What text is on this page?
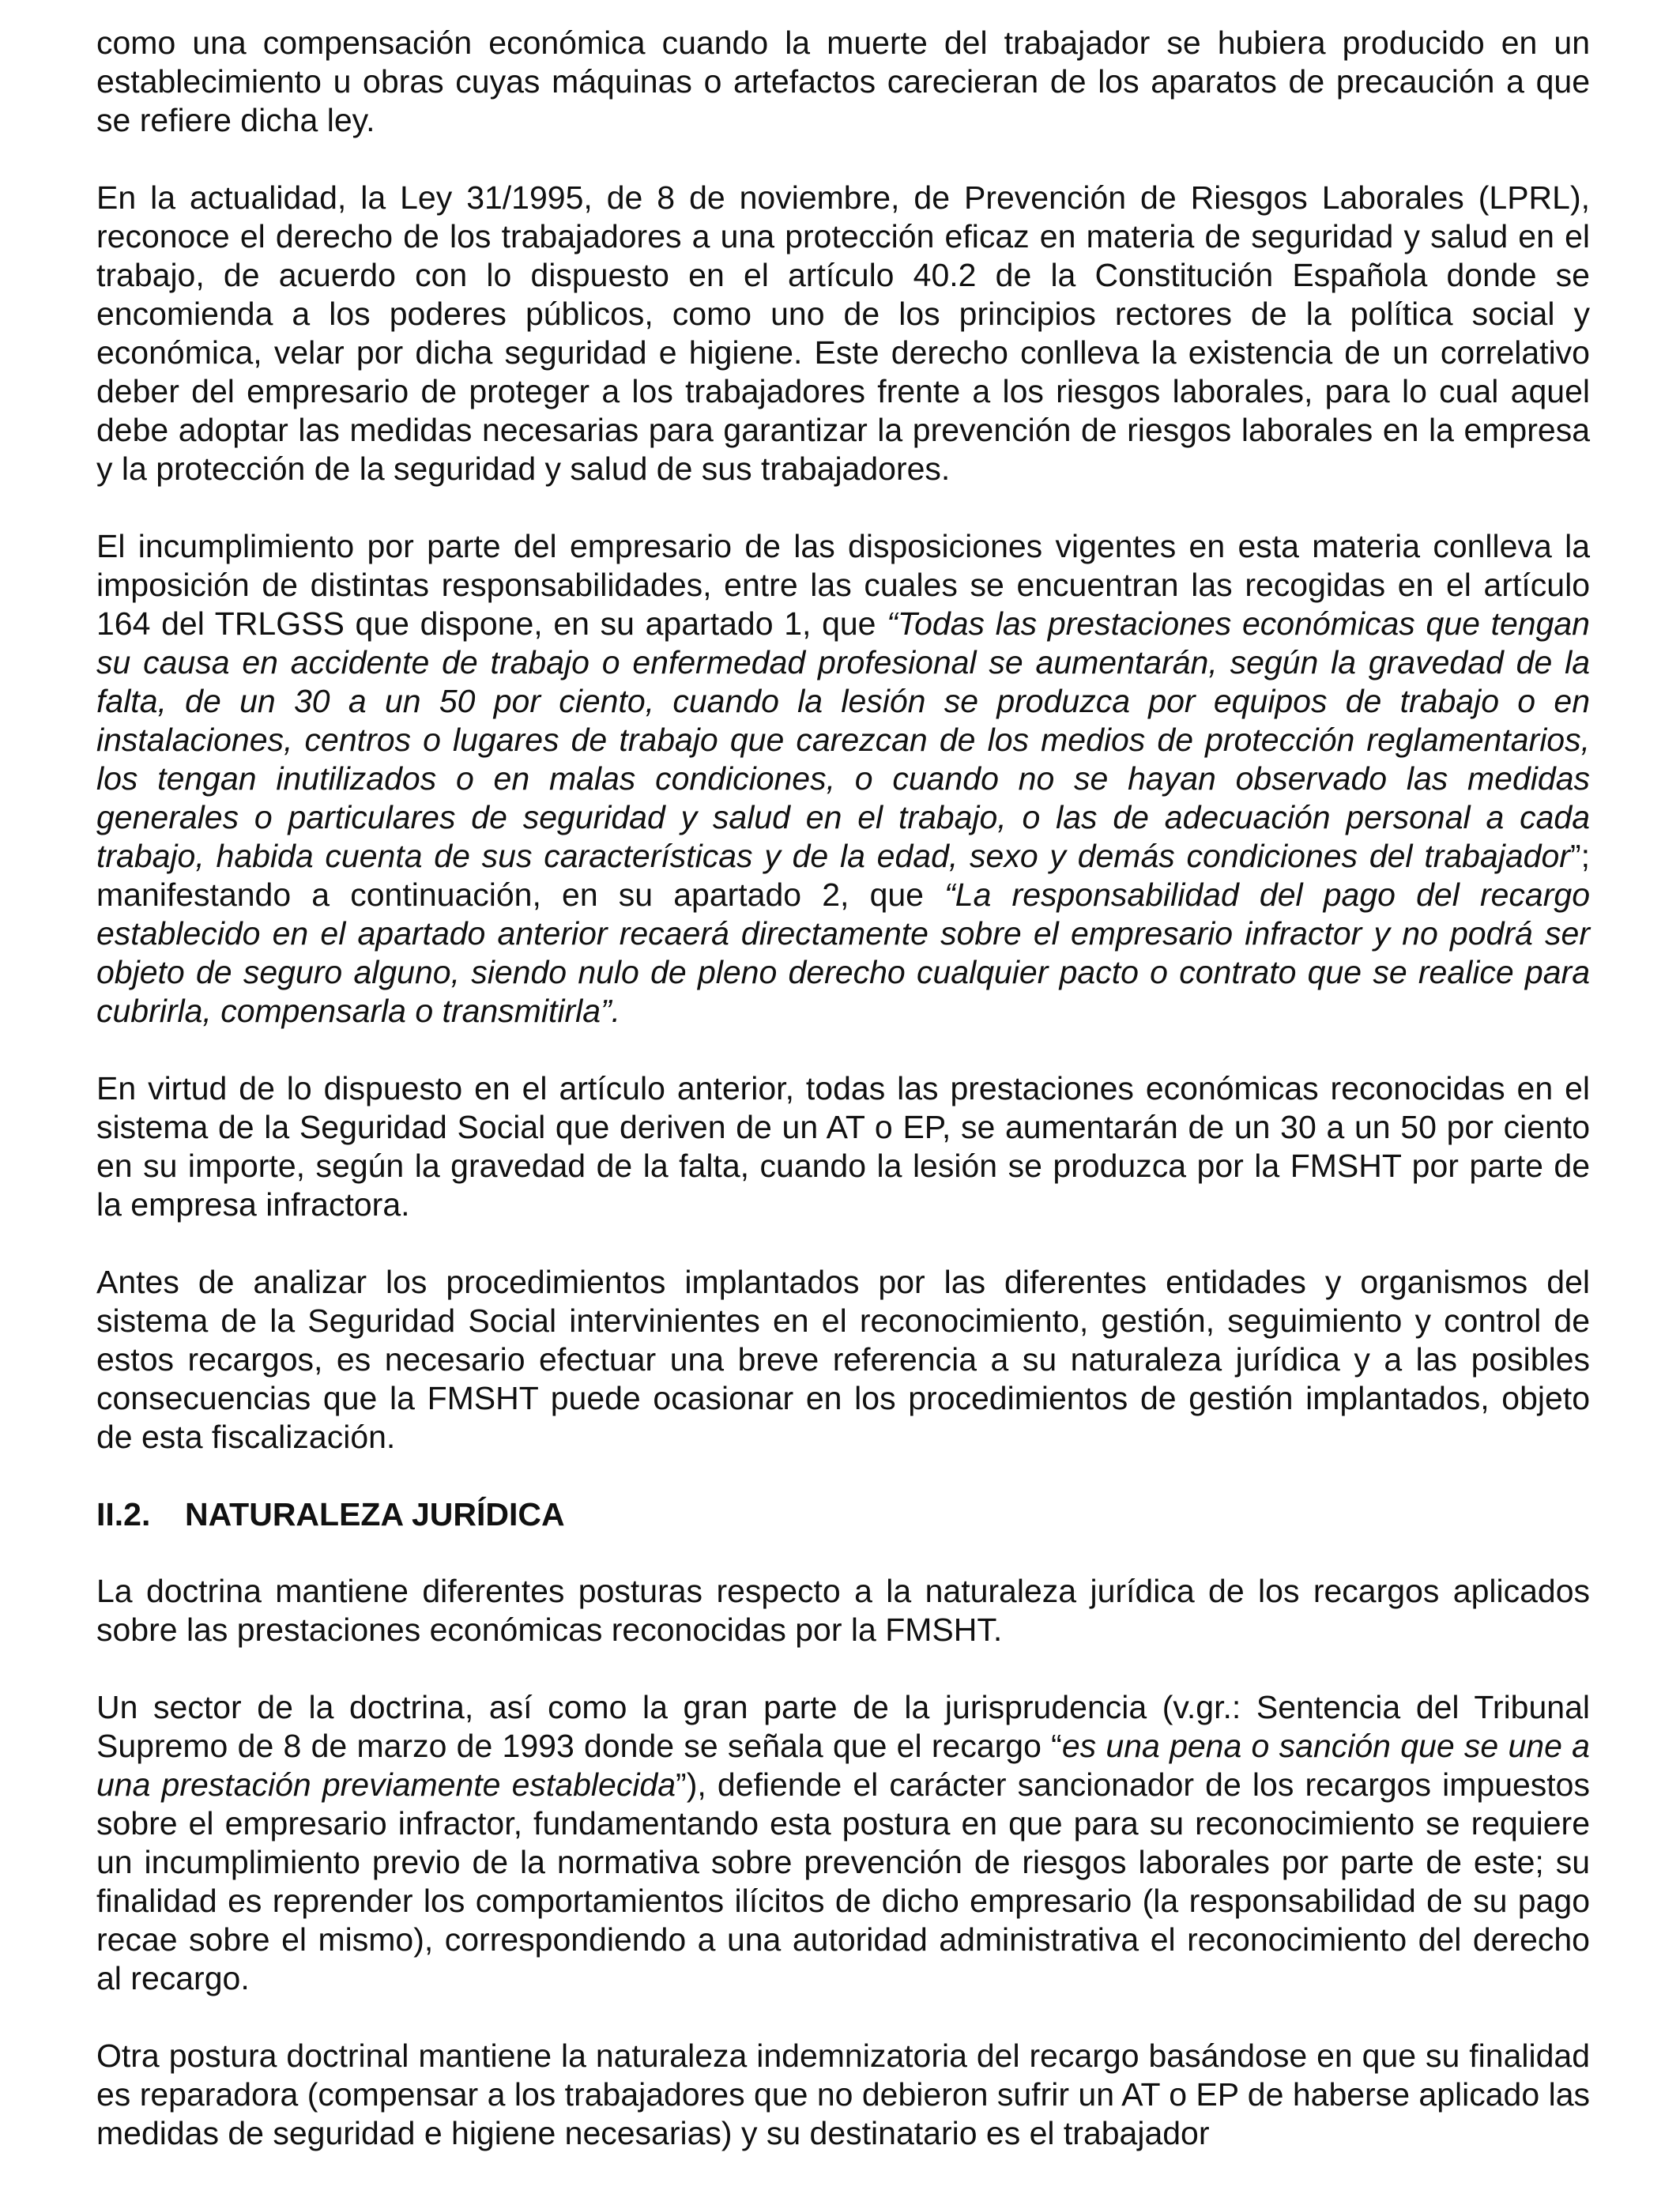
como una compensación económica cuando la muerte del trabajador se hubiera producido en un establecimiento u obras cuyas máquinas o artefactos carecieran de los aparatos de precaución a que se refiere dicha ley.

En la actualidad, la Ley 31/1995, de 8 de noviembre, de Prevención de Riesgos Laborales (LPRL), reconoce el derecho de los trabajadores a una protección eficaz en materia de seguridad y salud en el trabajo, de acuerdo con lo dispuesto en el artículo 40.2 de la Constitución Española donde se encomienda a los poderes públicos, como uno de los principios rectores de la política social y económica, velar por dicha seguridad e higiene. Este derecho conlleva la existencia de un correlativo deber del empresario de proteger a los trabajadores frente a los riesgos laborales, para lo cual aquel debe adoptar las medidas necesarias para garantizar la prevención de riesgos laborales en la empresa y la protección de la seguridad y salud de sus trabajadores.

El incumplimiento por parte del empresario de las disposiciones vigentes en esta materia conlleva la imposición de distintas responsabilidades, entre las cuales se encuentran las recogidas en el artículo 164 del TRLGSS que dispone, en su apartado 1, que “Todas las prestaciones económicas que tengan su causa en accidente de trabajo o enfermedad profesional se aumentarán, según la gravedad de la falta, de un 30 a un 50 por ciento, cuando la lesión se produzca por equipos de trabajo o en instalaciones, centros o lugares de trabajo que carezcan de los medios de protección reglamentarios, los tengan inutilizados o en malas condiciones, o cuando no se hayan observado las medidas generales o particulares de seguridad y salud en el trabajo, o las de adecuación personal a cada trabajo, habida cuenta de sus características y de la edad, sexo y demás condiciones del trabajador”; manifestando a continuación, en su apartado 2, que “La responsabilidad del pago del recargo establecido en el apartado anterior recaerá directamente sobre el empresario infractor y no podrá ser objeto de seguro alguno, siendo nulo de pleno derecho cualquier pacto o contrato que se realice para cubrirla, compensarla o transmitirla”.

En virtud de lo dispuesto en el artículo anterior, todas las prestaciones económicas reconocidas en el sistema de la Seguridad Social que deriven de un AT o EP, se aumentarán de un 30 a un 50 por ciento en su importe, según la gravedad de la falta, cuando la lesión se produzca por la FMSHT por parte de la empresa infractora.

Antes de analizar los procedimientos implantados por las diferentes entidades y organismos del sistema de la Seguridad Social intervinientes en el reconocimiento, gestión, seguimiento y control de estos recargos, es necesario efectuar una breve referencia a su naturaleza jurídica y a las posibles consecuencias que la FMSHT puede ocasionar en los procedimientos de gestión implantados, objeto de esta fiscalización.

II.2. NATURALEZA JURÍDICA

La doctrina mantiene diferentes posturas respecto a la naturaleza jurídica de los recargos aplicados sobre las prestaciones económicas reconocidas por la FMSHT.

Un sector de la doctrina, así como la gran parte de la jurisprudencia (v.gr.: Sentencia del Tribunal Supremo de 8 de marzo de 1993 donde se señala que el recargo “es una pena o sanción que se une a una prestación previamente establecida”), defiende el carácter sancionador de los recargos impuestos sobre el empresario infractor, fundamentando esta postura en que para su reconocimiento se requiere un incumplimiento previo de la normativa sobre prevención de riesgos laborales por parte de este; su finalidad es reprender los comportamientos ilícitos de dicho empresario (la responsabilidad de su pago recae sobre el mismo), correspondiendo a una autoridad administrativa el reconocimiento del derecho al recargo.

Otra postura doctrinal mantiene la naturaleza indemnizatoria del recargo basándose en que su finalidad es reparadora (compensar a los trabajadores que no debieron sufrir un AT o EP de haberse aplicado las medidas de seguridad e higiene necesarias) y su destinatario es el trabajador
